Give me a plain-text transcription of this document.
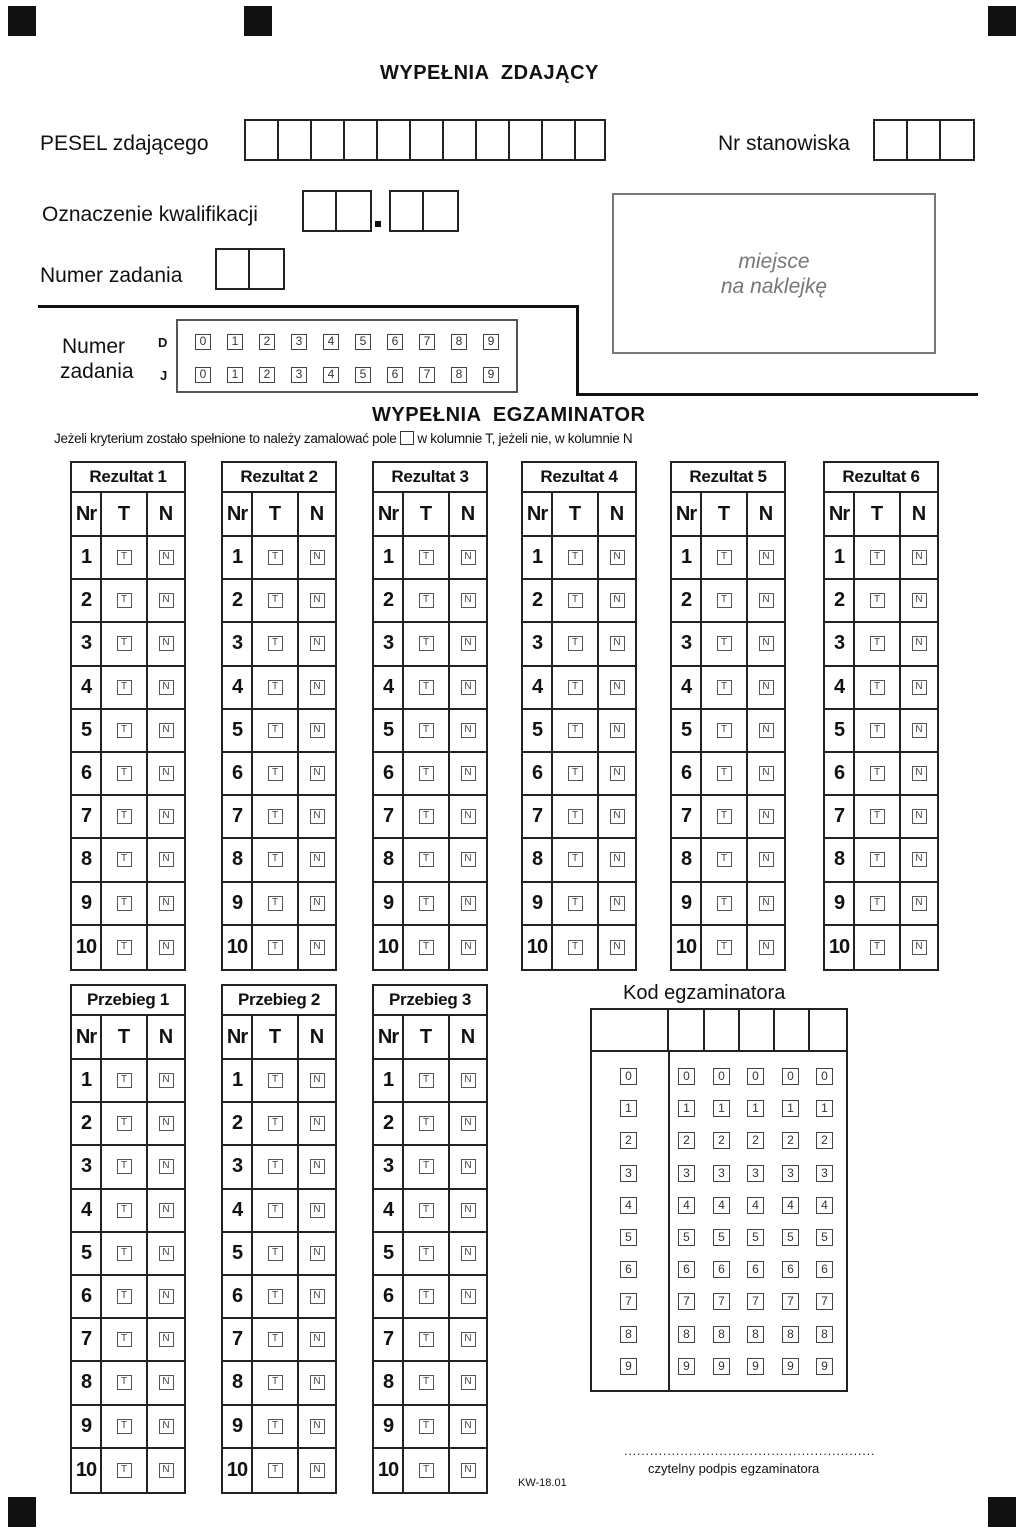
WYPEŁNIA  ZDAJĄCY
PESEL zdającego	Nr stanowiska
Oznaczenie kwalifikacji
Numer zadania
miejsce
na naklejkę
Numer
zadania
D
J
0	1	2	3	4	5	6	7	8	9
0	1	2	3	4	5	6	7	8	9
WYPEŁNIA  EGZAMINATOR
Jeżeli kryterium zostało spełnione to należy zamalować pole w kolumnie T, jeżeli nie, w kolumnie N
Rezultat 1
Nr	T	N
1	T	N
2	T	N
3	T	N
4	T	N
5	T	N
6	T	N
7	T	N
8	T	N
9	T	N
10	T	N
Rezultat 2
Nr	T	N
1	T	N
2	T	N
3	T	N
4	T	N
5	T	N
6	T	N
7	T	N
8	T	N
9	T	N
10	T	N
Rezultat 3
Nr	T	N
1	T	N
2	T	N
3	T	N
4	T	N
5	T	N
6	T	N
7	T	N
8	T	N
9	T	N
10	T	N
Rezultat 4
Nr	T	N
1	T	N
2	T	N
3	T	N
4	T	N
5	T	N
6	T	N
7	T	N
8	T	N
9	T	N
10	T	N
Rezultat 5
Nr	T	N
1	T	N
2	T	N
3	T	N
4	T	N
5	T	N
6	T	N
7	T	N
8	T	N
9	T	N
10	T	N
Rezultat 6
Nr	T	N
1	T	N
2	T	N
3	T	N
4	T	N
5	T	N
6	T	N
7	T	N
8	T	N
9	T	N
10	T	N
Przebieg 1
Nr	T	N
1	T	N
2	T	N
3	T	N
4	T	N
5	T	N
6	T	N
7	T	N
8	T	N
9	T	N
10	T	N
Przebieg 2
Nr	T	N
1	T	N
2	T	N
3	T	N
4	T	N
5	T	N
6	T	N
7	T	N
8	T	N
9	T	N
10	T	N
Przebieg 3
Nr	T	N
1	T	N
2	T	N
3	T	N
4	T	N
5	T	N
6	T	N
7	T	N
8	T	N
9	T	N
10	T	N
Kod egzaminatora
0	0	0	0	0	0
1	1	1	1	1	1
2	2	2	2	2	2
3	3	3	3	3	3
4	4	4	4	4	4
5	5	5	5	5	5
6	6	6	6	6	6
7	7	7	7	7	7
8	8	8	8	8	8
9	9	9	9	9	9
..........................................................
czytelny podpis egzaminatora
KW-18.01
